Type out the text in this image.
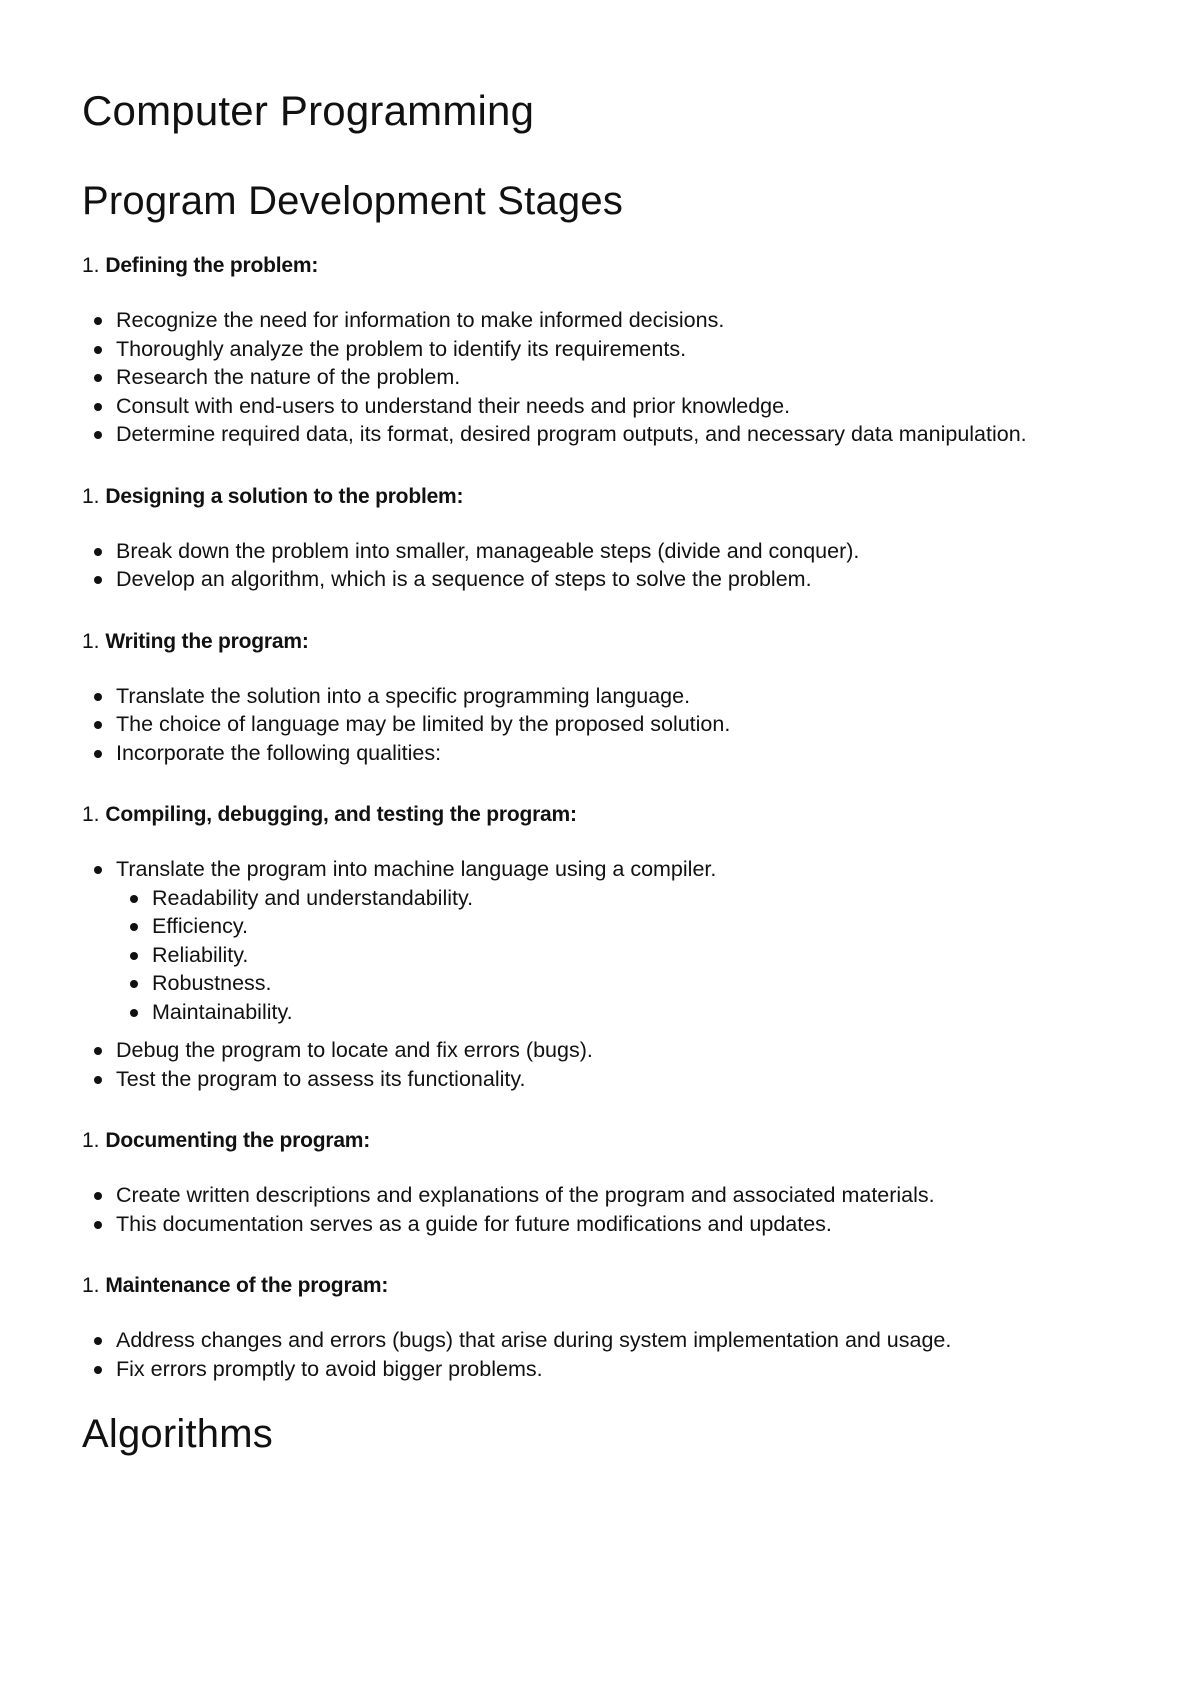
Computer Programming
Program Development Stages

1. Defining the problem:

Recognize the need for information to make informed decisions.
Thoroughly analyze the problem to identify its requirements.
Research the nature of the problem.
Consult with end-users to understand their needs and prior knowledge.
Determine required data, its format, desired program outputs, and necessary data manipulation.

1. Designing a solution to the problem:

Break down the problem into smaller, manageable steps (divide and conquer).
Develop an algorithm, which is a sequence of steps to solve the problem.

1. Writing the program:

Translate the solution into a specific programming language.
The choice of language may be limited by the proposed solution.
Incorporate the following qualities:

1. Compiling, debugging, and testing the program:

Translate the program into machine language using a compiler.
Readability and understandability.
Efficiency.
Reliability.
Robustness.
Maintainability.
Debug the program to locate and fix errors (bugs).
Test the program to assess its functionality.

1. Documenting the program:

Create written descriptions and explanations of the program and associated materials.
This documentation serves as a guide for future modifications and updates.

1. Maintenance of the program:

Address changes and errors (bugs) that arise during system implementation and usage.
Fix errors promptly to avoid bigger problems.
Algorithms
